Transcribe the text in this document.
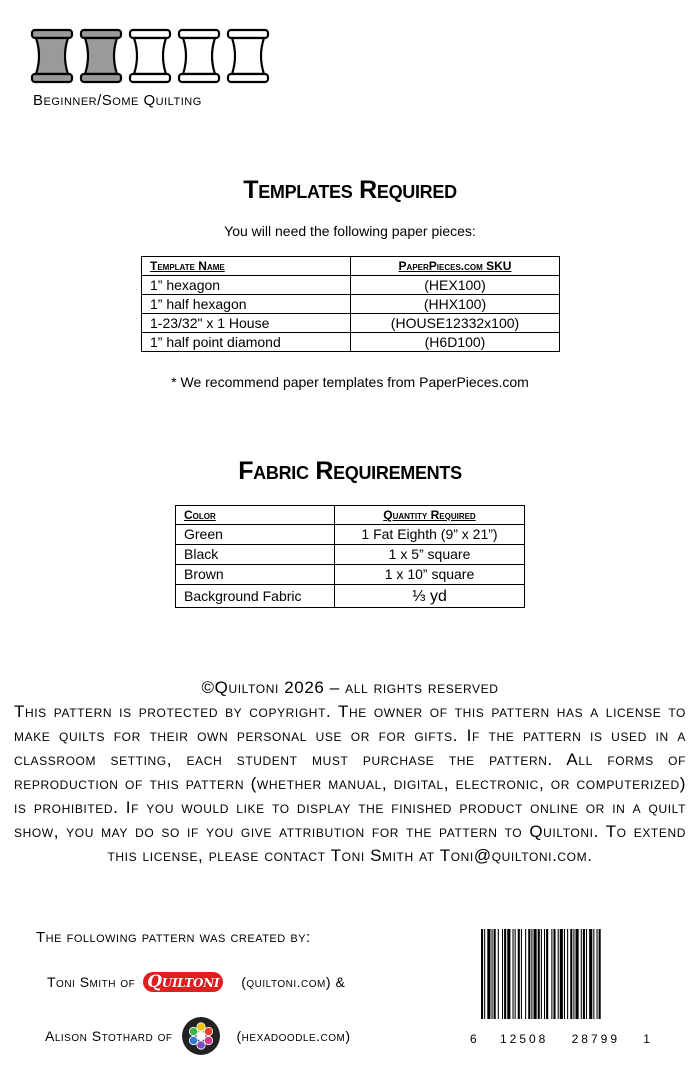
Beginner/Some Quilting
Templates Required
You will need the following paper pieces:
Template Name	PaperPieces.com SKU
1” hexagon	(HEX100)
1” half hexagon	(HHX100)
1-23/32" x 1 House	(HOUSE12332x100)
1” half point diamond	(H6D100)
* We recommend paper templates from PaperPieces.com
Fabric Requirements
Color	Quantity Required
Green	1 Fat Eighth (9” x 21”)
Black	1 x 5” square
Brown	1 x 10” square
Background Fabric	⅓ yd
©Quiltoni 2026 – all rights reserved
This pattern is protected by copyright. The owner of this pattern has a license to make quilts for their own personal use or for gifts. If the pattern is used in a classroom setting, each student must purchase the pattern. All forms of reproduction of this pattern (whether manual, digital, electronic, or computerized) is prohibited. If you would like to display the finished product online or in a quilt show, you may do so if you give attribution for the pattern to Quiltoni. To extend this license, please contact Toni Smith at Toni@quiltoni.com.
The following pattern was created by:
Toni Smith of Quiltoni (quiltoni.com) &
Alison Stothard of	(hexadoodle.com)	6 12508 28799 1
